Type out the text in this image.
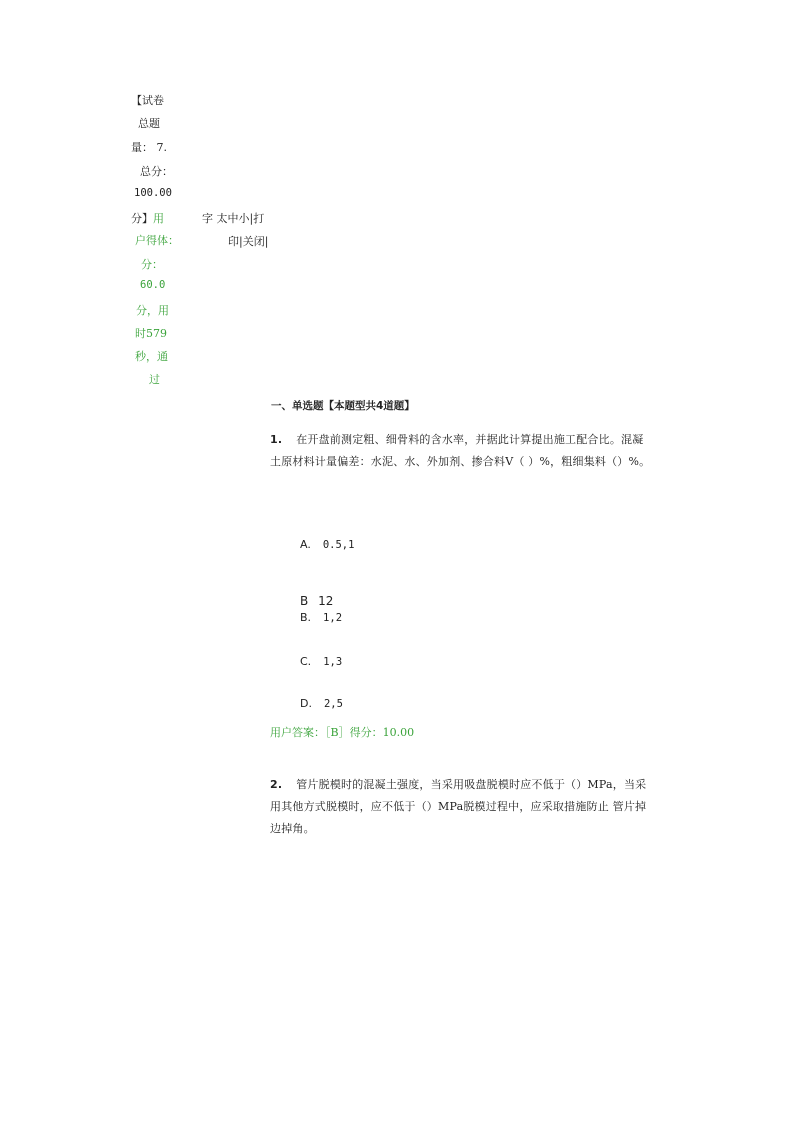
【试卷
总题
量： 7.
总分：
100.00
分】用
户得体：
分：
60.0
分，用
时579
秒，通
过
字 太中小|打
印|关闭|
一、单选题【本题型共4道题】
1. 在开盘前测定粗、细骨料的含水率，并据此计算提出施工配合比。混凝 土原材料计量偏差：水泥、水、外加剂、掺合料V（ ）%，粗细集料（）%。
A. 0.5,1
B 12
B. 1,2
C. 1,3
D. 2,5
用户答案：［B］得分：10.00
2. 管片脱模时的混凝土强度，当采用吸盘脱模时应不低于（）MPa，当采 用其他方式脱模时，应不低于（）MPa脱模过程中，应采取措施防止 管片掉边掉角。
